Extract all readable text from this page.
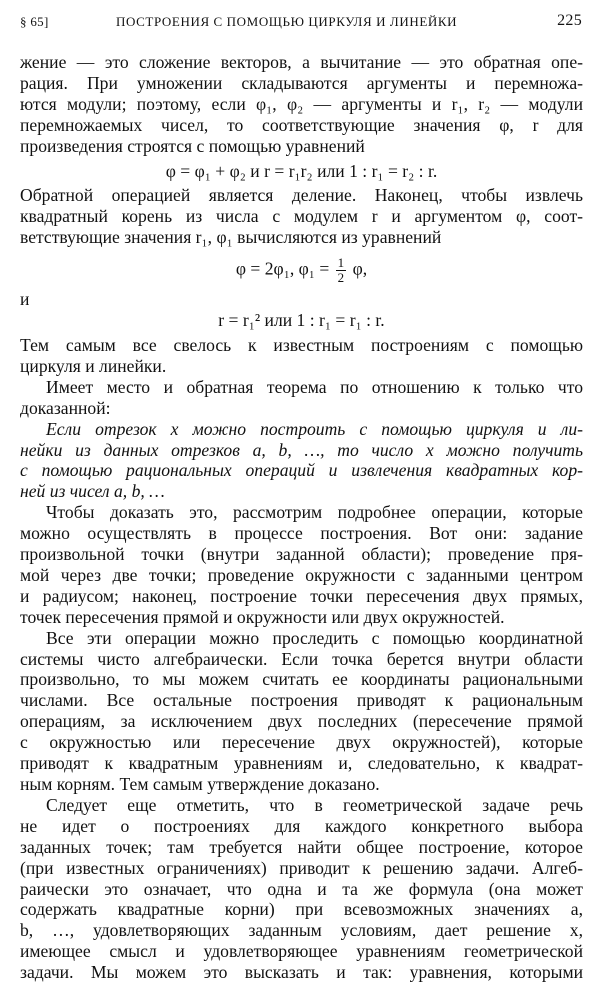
§ 65]	ПОСТРОЕНИЯ С ПОМОЩЬЮ ЦИРКУЛЯ И ЛИНЕЙКИ	225
жение — это сложение векторов, а вычитание — это обратная опе-
рация. При умножении складываются аргументы и перемножа-
ются модули; поэтому, если φ₁, φ₂ — аргументы и r₁, r₂ — модули
перемножаемых чисел, то соответствующие значения φ, r для
произведения строятся с помощью уравнений
φ = φ₁ + φ₂ и r = r₁r₂ или 1 : r₁ = r₂ : r.
Обратной операцией является деление. Наконец, чтобы извлечь
квадратный корень из числа с модулем r и аргументом φ, соот-
ветствующие значения r₁, φ₁ вычисляются из уравнений
φ = 2φ₁, $\varphi_1 = \frac{1}{2} \varphi$,
и
r = r₁² или 1 : r₁ = r₁ : r.
Тем самым все свелось к известным построениям с помощью
циркуля и линейки.
Имеет место и обратная теорема по отношению к только что
доказанной:
Если отрезок x можно построить с помощью циркуля и ли-
нейки из данных отрезков a, b, …, то число x можно получить
с помощью рациональных операций и извлечения квадратных кор-
ней из чисел a, b, …
Чтобы доказать это, рассмотрим подробнее операции, которые
можно осуществлять в процессе построения. Вот они: задание
произвольной точки (внутри заданной области); проведение пря-
мой через две точки; проведение окружности с заданными центром
и радиусом; наконец, построение точки пересечения двух прямых,
точек пересечения прямой и окружности или двух окружностей.
Все эти операции можно проследить с помощью координатной
системы чисто алгебраически. Если точка берется внутри области
произвольно, то мы можем считать ее координаты рациональными
числами. Все остальные построения приводят к рациональным
операциям, за исключением двух последних (пересечение прямой
с окружностью или пересечение двух окружностей), которые
приводят к квадратным уравнениям и, следовательно, к квадрат-
ным корням. Тем самым утверждение доказано.
Следует еще отметить, что в геометрической задаче речь
не идет о построениях для каждого конкретного выбора
заданных точек; там требуется найти общее построение, которое
(при известных ограничениях) приводит к решению задачи. Алгеб-
раически это означает, что одна и та же формула (она может
содержать квадратные корни) при всевозможных значениях a,
b, …, удовлетворяющих заданным условиям, дает решение x,
имеющее смысл и удовлетворяющее уравнениям геометрической
задачи. Мы можем это высказать и так: уравнения, которыми
